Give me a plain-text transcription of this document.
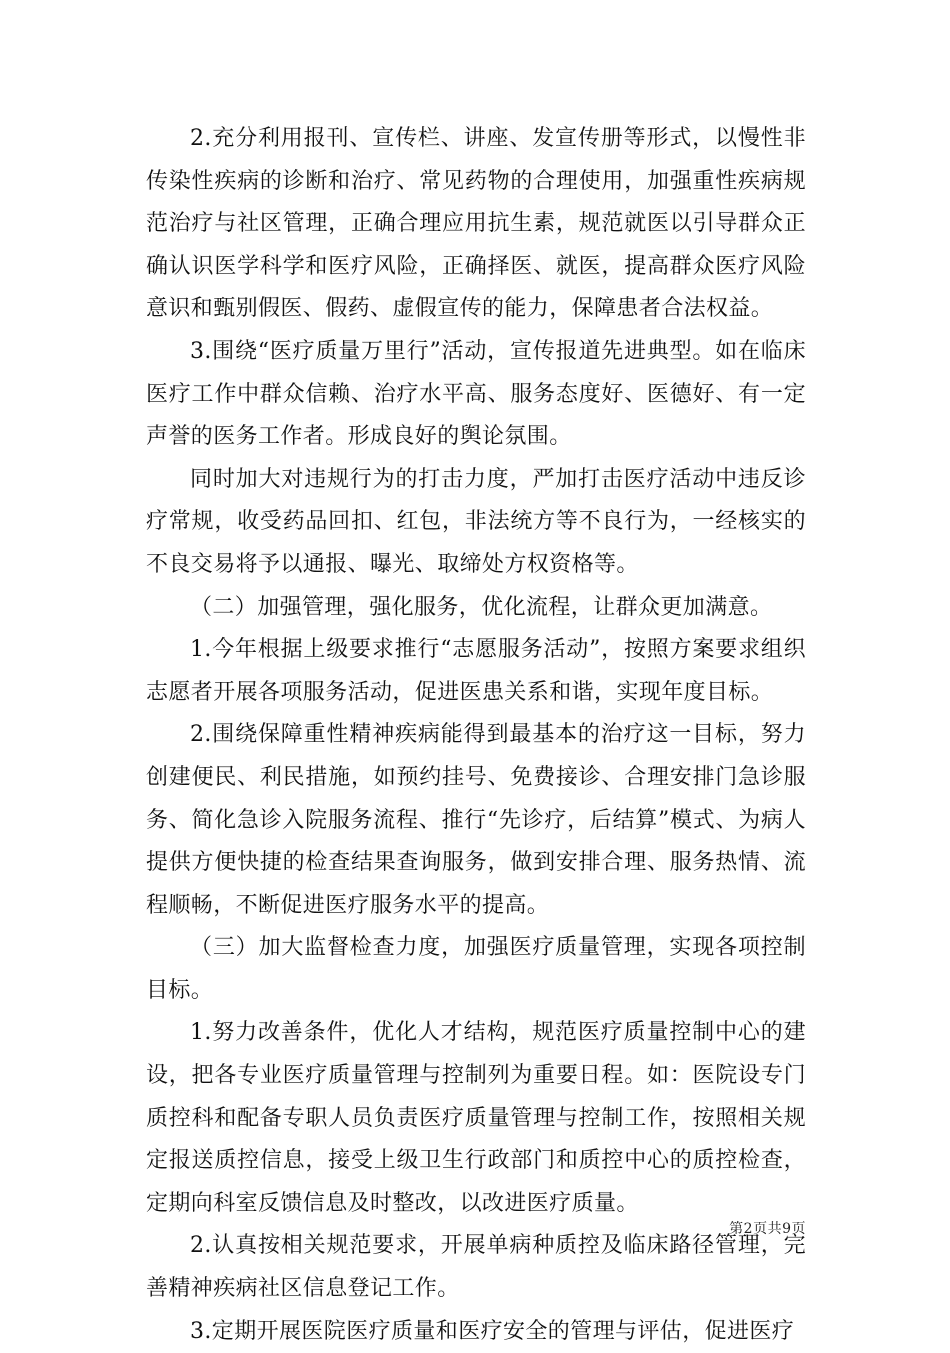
2.充分利用报刊、宣传栏、讲座、发宣传册等形式，以慢性非传染性疾病的诊断和治疗、常见药物的合理使用，加强重性疾病规范治疗与社区管理，正确合理应用抗生素，规范就医以引导群众正确认识医学科学和医疗风险，正确择医、就医，提高群众医疗风险意识和甄别假医、假药、虚假宣传的能力，保障患者合法权益。

3.围绕“医疗质量万里行”活动，宣传报道先进典型。如在临床医疗工作中群众信赖、治疗水平高、服务态度好、医德好、有一定声誉的医务工作者。形成良好的舆论氛围。

同时加大对违规行为的打击力度，严加打击医疗活动中违反诊疗常规，收受药品回扣、红包，非法统方等不良行为，一经核实的不良交易将予以通报、曝光、取缔处方权资格等。

（二）加强管理，强化服务，优化流程，让群众更加满意。

1.今年根据上级要求推行“志愿服务活动”，按照方案要求组织志愿者开展各项服务活动，促进医患关系和谐，实现年度目标。

2.围绕保障重性精神疾病能得到最基本的治疗这一目标，努力创建便民、利民措施，如预约挂号、免费接诊、合理安排门急诊服务、简化急诊入院服务流程、推行“先诊疗，后结算”模式、为病人提供方便快捷的检查结果查询服务，做到安排合理、服务热情、流程顺畅，不断促进医疗服务水平的提高。

（三）加大监督检查力度，加强医疗质量管理，实现各项控制目标。

1.努力改善条件，优化人才结构，规范医疗质量控制中心的建设，把各专业医疗质量管理与控制列为重要日程。如：医院设专门质控科和配备专职人员负责医疗质量管理与控制工作，按照相关规定报送质控信息，接受上级卫生行政部门和质控中心的质控检查，定期向科室反馈信息及时整改，以改进医疗质量。

2.认真按相关规范要求，开展单病种质控及临床路径管理，完善精神疾病社区信息登记工作。

3.定期开展医院医疗质量和医疗安全的管理与评估，促进医疗

第2页共9页
